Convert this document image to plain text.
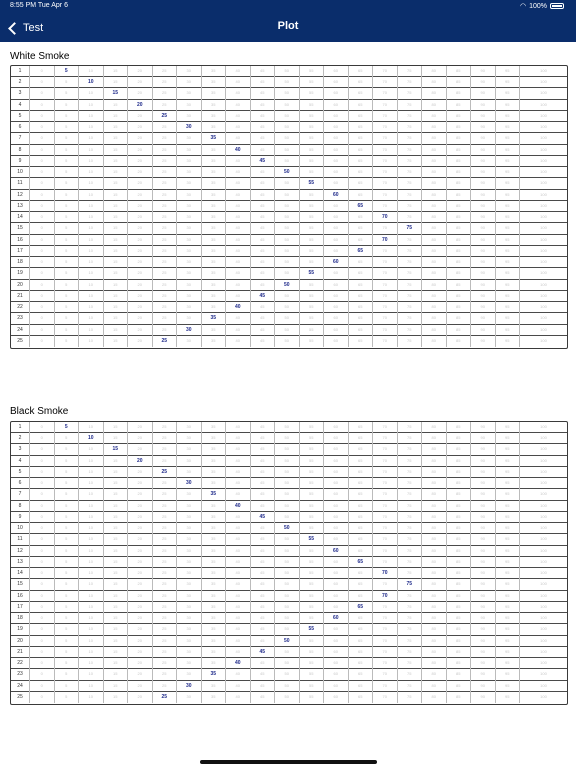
8:55 PM Tue Apr 6	◠ 100%
Test	Plot
White Smoke
1	0	5	10	15	20	25	30	35	40	45	50	55	60	65	70	75	80	85	90	95	100
2	0	5	10	15	20	25	30	35	40	45	50	55	60	65	70	75	80	85	90	95	100
3	0	5	10	15	20	25	30	35	40	45	50	55	60	65	70	75	80	85	90	95	100
4	0	5	10	15	20	25	30	35	40	45	50	55	60	65	70	75	80	85	90	95	100
5	0	5	10	15	20	25	30	35	40	45	50	55	60	65	70	75	80	85	90	95	100
6	0	5	10	15	20	25	30	35	40	45	50	55	60	65	70	75	80	85	90	95	100
7	0	5	10	15	20	25	30	35	40	45	50	55	60	65	70	75	80	85	90	95	100
8	0	5	10	15	20	25	30	35	40	45	50	55	60	65	70	75	80	85	90	95	100
9	0	5	10	15	20	25	30	35	40	45	50	55	60	65	70	75	80	85	90	95	100
10	0	5	10	15	20	25	30	35	40	45	50	55	60	65	70	75	80	85	90	95	100
11	0	5	10	15	20	25	30	35	40	45	50	55	60	65	70	75	80	85	90	95	100
12	0	5	10	15	20	25	30	35	40	45	50	55	60	65	70	75	80	85	90	95	100
13	0	5	10	15	20	25	30	35	40	45	50	55	60	65	70	75	80	85	90	95	100
14	0	5	10	15	20	25	30	35	40	45	50	55	60	65	70	75	80	85	90	95	100
15	0	5	10	15	20	25	30	35	40	45	50	55	60	65	70	75	80	85	90	95	100
16	0	5	10	15	20	25	30	35	40	45	50	55	60	65	70	75	80	85	90	95	100
17	0	5	10	15	20	25	30	35	40	45	50	55	60	65	70	75	80	85	90	95	100
18	0	5	10	15	20	25	30	35	40	45	50	55	60	65	70	75	80	85	90	95	100
19	0	5	10	15	20	25	30	35	40	45	50	55	60	65	70	75	80	85	90	95	100
20	0	5	10	15	20	25	30	35	40	45	50	55	60	65	70	75	80	85	90	95	100
21	0	5	10	15	20	25	30	35	40	45	50	55	60	65	70	75	80	85	90	95	100
22	0	5	10	15	20	25	30	35	40	45	50	55	60	65	70	75	80	85	90	95	100
23	0	5	10	15	20	25	30	35	40	45	50	55	60	65	70	75	80	85	90	95	100
24	0	5	10	15	20	25	30	35	40	45	50	55	60	65	70	75	80	85	90	95	100
25	0	5	10	15	20	25	30	35	40	45	50	55	60	65	70	75	80	85	90	95	100
Black Smoke
1	0	5	10	15	20	25	30	35	40	45	50	55	60	65	70	75	80	85	90	95	100
2	0	5	10	15	20	25	30	35	40	45	50	55	60	65	70	75	80	85	90	95	100
3	0	5	10	15	20	25	30	35	40	45	50	55	60	65	70	75	80	85	90	95	100
4	0	5	10	15	20	25	30	35	40	45	50	55	60	65	70	75	80	85	90	95	100
5	0	5	10	15	20	25	30	35	40	45	50	55	60	65	70	75	80	85	90	95	100
6	0	5	10	15	20	25	30	35	40	45	50	55	60	65	70	75	80	85	90	95	100
7	0	5	10	15	20	25	30	35	40	45	50	55	60	65	70	75	80	85	90	95	100
8	0	5	10	15	20	25	30	35	40	45	50	55	60	65	70	75	80	85	90	95	100
9	0	5	10	15	20	25	30	35	40	45	50	55	60	65	70	75	80	85	90	95	100
10	0	5	10	15	20	25	30	35	40	45	50	55	60	65	70	75	80	85	90	95	100
11	0	5	10	15	20	25	30	35	40	45	50	55	60	65	70	75	80	85	90	95	100
12	0	5	10	15	20	25	30	35	40	45	50	55	60	65	70	75	80	85	90	95	100
13	0	5	10	15	20	25	30	35	40	45	50	55	60	65	70	75	80	85	90	95	100
14	0	5	10	15	20	25	30	35	40	45	50	55	60	65	70	75	80	85	90	95	100
15	0	5	10	15	20	25	30	35	40	45	50	55	60	65	70	75	80	85	90	95	100
16	0	5	10	15	20	25	30	35	40	45	50	55	60	65	70	75	80	85	90	95	100
17	0	5	10	15	20	25	30	35	40	45	50	55	60	65	70	75	80	85	90	95	100
18	0	5	10	15	20	25	30	35	40	45	50	55	60	65	70	75	80	85	90	95	100
19	0	5	10	15	20	25	30	35	40	45	50	55	60	65	70	75	80	85	90	95	100
20	0	5	10	15	20	25	30	35	40	45	50	55	60	65	70	75	80	85	90	95	100
21	0	5	10	15	20	25	30	35	40	45	50	55	60	65	70	75	80	85	90	95	100
22	0	5	10	15	20	25	30	35	40	45	50	55	60	65	70	75	80	85	90	95	100
23	0	5	10	15	20	25	30	35	40	45	50	55	60	65	70	75	80	85	90	95	100
24	0	5	10	15	20	25	30	35	40	45	50	55	60	65	70	75	80	85	90	95	100
25	0	5	10	15	20	25	30	35	40	45	50	55	60	65	70	75	80	85	90	95	100
